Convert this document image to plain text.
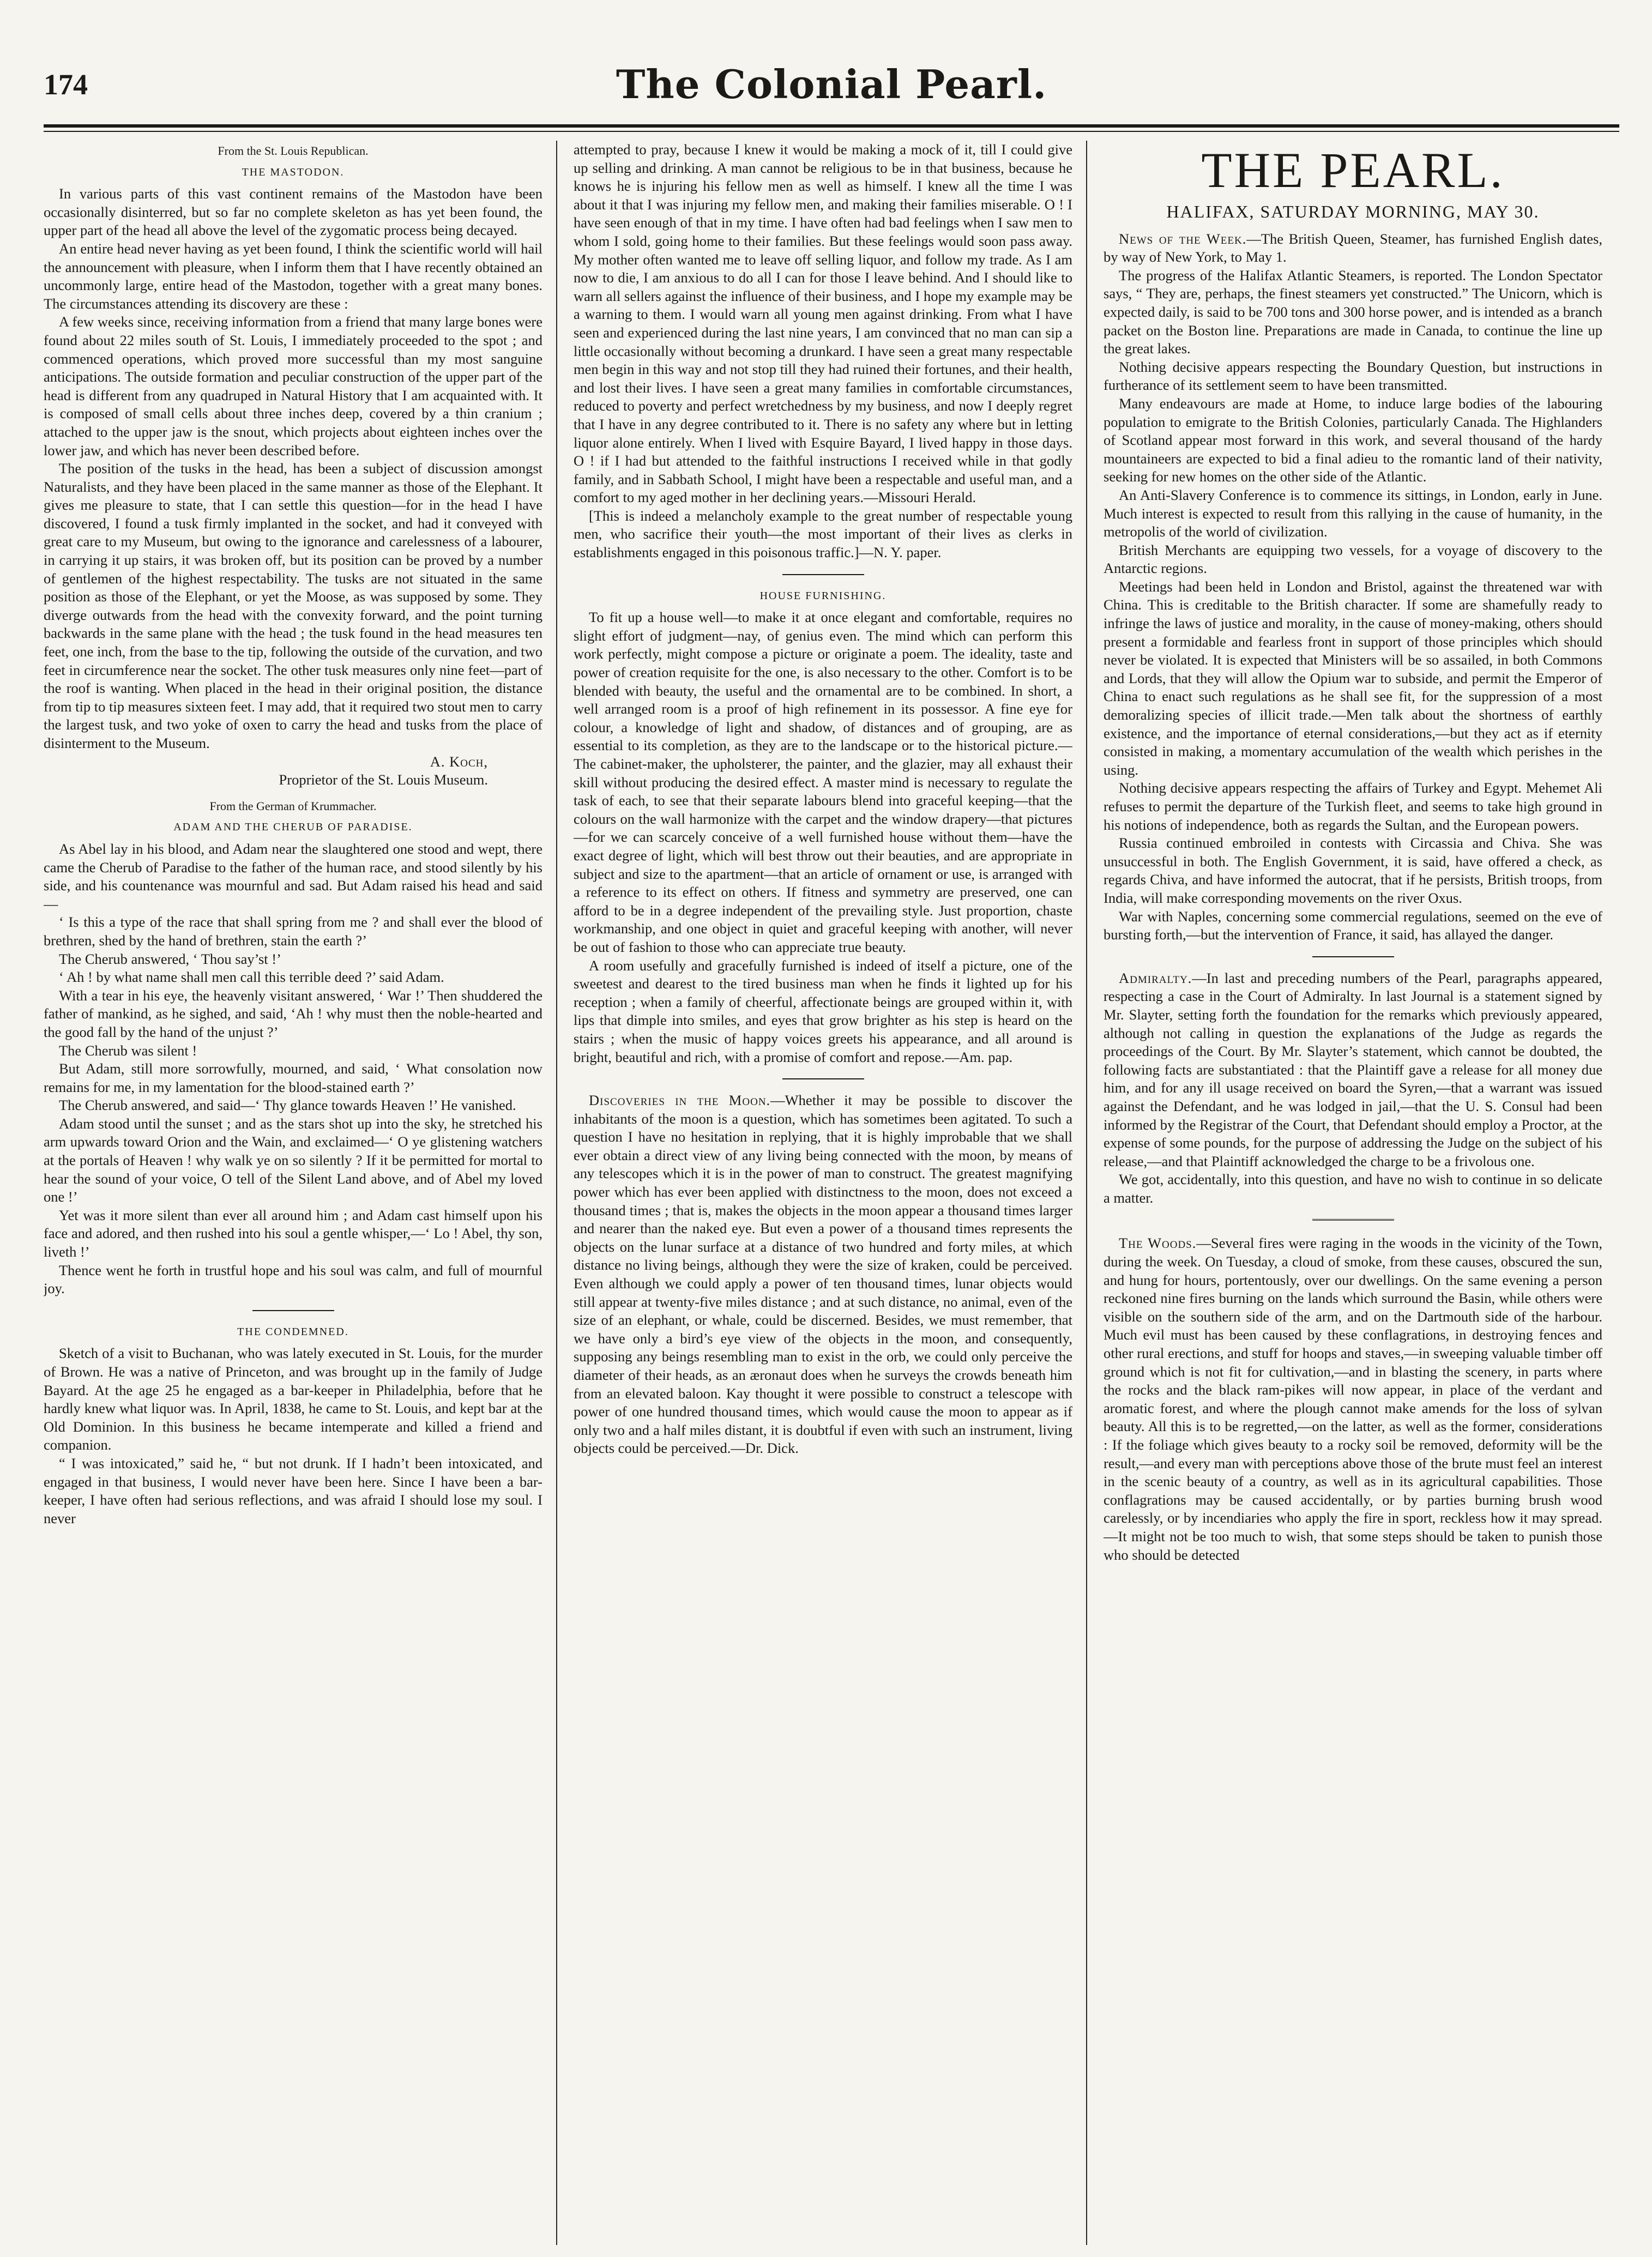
174	The Colonial Pearl.

From the St. Louis Republican.

THE MASTODON.

In various parts of this vast continent remains of the Mastodon have been occasionally disinterred, but so far no complete skeleton as has yet been found, the upper part of the head all above the level of the zygomatic process being decayed.

An entire head never having as yet been found, I think the scientific world will hail the announcement with pleasure, when I inform them that I have recently obtained an uncommonly large, entire head of the Mastodon, together with a great many bones. The circumstances attending its discovery are these :

A few weeks since, receiving information from a friend that many large bones were found about 22 miles south of St. Louis, I immediately proceeded to the spot ; and commenced operations, which proved more successful than my most sanguine anticipations. The outside formation and peculiar construction of the upper part of the head is different from any quadruped in Natural History that I am acquainted with. It is composed of small cells about three inches deep, covered by a thin cranium ; attached to the upper jaw is the snout, which projects about eighteen inches over the lower jaw, and which has never been described before.

The position of the tusks in the head, has been a subject of discussion amongst Naturalists, and they have been placed in the same manner as those of the Elephant. It gives me pleasure to state, that I can settle this question—for in the head I have discovered, I found a tusk firmly implanted in the socket, and had it conveyed with great care to my Museum, but owing to the ignorance and carelessness of a labourer, in carrying it up stairs, it was broken off, but its position can be proved by a number of gentlemen of the highest respectability. The tusks are not situated in the same position as those of the Elephant, or yet the Moose, as was supposed by some. They diverge outwards from the head with the convexity forward, and the point turning backwards in the same plane with the head ; the tusk found in the head measures ten feet, one inch, from the base to the tip, following the outside of the curvation, and two feet in circumference near the socket. The other tusk measures only nine feet—part of the roof is wanting. When placed in the head in their original position, the distance from tip to tip measures sixteen feet. I may add, that it required two stout men to carry the largest tusk, and two yoke of oxen to carry the head and tusks from the place of disinterment to the Museum.

A. Koch,

Proprietor of the St. Louis Museum.

From the German of Krummacher.

ADAM AND THE CHERUB OF PARADISE.

As Abel lay in his blood, and Adam near the slaughtered one stood and wept, there came the Cherub of Paradise to the father of the human race, and stood silently by his side, and his countenance was mournful and sad. But Adam raised his head and said—

‘ Is this a type of the race that shall spring from me ? and shall ever the blood of brethren, shed by the hand of brethren, stain the earth ?’

The Cherub answered, ‘ Thou say’st !’

‘ Ah ! by what name shall men call this terrible deed ?’ said Adam.

With a tear in his eye, the heavenly visitant answered, ‘ War !’ Then shuddered the father of mankind, as he sighed, and said, ‘Ah ! why must then the noble-hearted and the good fall by the hand of the unjust ?’

The Cherub was silent !

But Adam, still more sorrowfully, mourned, and said, ‘ What consolation now remains for me, in my lamentation for the blood-stained earth ?’

The Cherub answered, and said—‘ Thy glance towards Heaven !’ He vanished.

Adam stood until the sunset ; and as the stars shot up into the sky, he stretched his arm upwards toward Orion and the Wain, and exclaimed—‘ O ye glistening watchers at the portals of Heaven ! why walk ye on so silently ? If it be permitted for mortal to hear the sound of your voice, O tell of the Silent Land above, and of Abel my loved one !’

Yet was it more silent than ever all around him ; and Adam cast himself upon his face and adored, and then rushed into his soul a gentle whisper,—‘ Lo ! Abel, thy son, liveth !’

Thence went he forth in trustful hope and his soul was calm, and full of mournful joy.

THE CONDEMNED.

Sketch of a visit to Buchanan, who was lately executed in St. Louis, for the murder of Brown. He was a native of Princeton, and was brought up in the family of Judge Bayard. At the age 25 he engaged as a bar-keeper in Philadelphia, before that he hardly knew what liquor was. In April, 1838, he came to St. Louis, and kept bar at the Old Dominion. In this business he became intemperate and killed a friend and companion.

“ I was intoxicated,” said he, “ but not drunk. If I hadn’t been intoxicated, and engaged in that business, I would never have been here. Since I have been a bar-keeper, I have often had serious reflections, and was afraid I should lose my soul. I never

attempted to pray, because I knew it would be making a mock of it, till I could give up selling and drinking. A man cannot be religious to be in that business, because he knows he is injuring his fellow men as well as himself. I knew all the time I was about it that I was injuring my fellow men, and making their families miserable. O ! I have seen enough of that in my time. I have often had bad feelings when I saw men to whom I sold, going home to their families. But these feelings would soon pass away. My mother often wanted me to leave off selling liquor, and follow my trade. As I am now to die, I am anxious to do all I can for those I leave behind. And I should like to warn all sellers against the influence of their business, and I hope my example may be a warning to them. I would warn all young men against drinking. From what I have seen and experienced during the last nine years, I am convinced that no man can sip a little occasionally without becoming a drunkard. I have seen a great many respectable men begin in this way and not stop till they had ruined their fortunes, and their health, and lost their lives. I have seen a great many families in comfortable circumstances, reduced to poverty and perfect wretchedness by my business, and now I deeply regret that I have in any degree contributed to it. There is no safety any where but in letting liquor alone entirely. When I lived with Esquire Bayard, I lived happy in those days. O ! if I had but attended to the faithful instructions I received while in that godly family, and in Sabbath School, I might have been a respectable and useful man, and a comfort to my aged mother in her declining years.—Missouri Herald.

[This is indeed a melancholy example to the great number of respectable young men, who sacrifice their youth—the most important of their lives as clerks in establishments engaged in this poisonous traffic.]—N. Y. paper.

HOUSE FURNISHING.

To fit up a house well—to make it at once elegant and comfortable, requires no slight effort of judgment—nay, of genius even. The mind which can perform this work perfectly, might compose a picture or originate a poem. The ideality, taste and power of creation requisite for the one, is also necessary to the other. Comfort is to be blended with beauty, the useful and the ornamental are to be combined. In short, a well arranged room is a proof of high refinement in its possessor. A fine eye for colour, a knowledge of light and shadow, of distances and of grouping, are as essential to its completion, as they are to the landscape or to the historical picture.—The cabinet-maker, the upholsterer, the painter, and the glazier, may all exhaust their skill without producing the desired effect. A master mind is necessary to regulate the task of each, to see that their separate labours blend into graceful keeping—that the colours on the wall harmonize with the carpet and the window drapery—that pictures—for we can scarcely conceive of a well furnished house without them—have the exact degree of light, which will best throw out their beauties, and are appropriate in subject and size to the apartment—that an article of ornament or use, is arranged with a reference to its effect on others. If fitness and symmetry are preserved, one can afford to be in a degree independent of the prevailing style. Just proportion, chaste workmanship, and one object in quiet and graceful keeping with another, will never be out of fashion to those who can appreciate true beauty.

A room usefully and gracefully furnished is indeed of itself a picture, one of the sweetest and dearest to the tired business man when he finds it lighted up for his reception ; when a family of cheerful, affectionate beings are grouped within it, with lips that dimple into smiles, and eyes that grow brighter as his step is heard on the stairs ; when the music of happy voices greets his appearance, and all around is bright, beautiful and rich, with a promise of comfort and repose.—Am. pap.

Discoveries in the Moon.—Whether it may be possible to discover the inhabitants of the moon is a question, which has sometimes been agitated. To such a question I have no hesitation in replying, that it is highly improbable that we shall ever obtain a direct view of any living being connected with the moon, by means of any telescopes which it is in the power of man to construct. The greatest magnifying power which has ever been applied with distinctness to the moon, does not exceed a thousand times ; that is, makes the objects in the moon appear a thousand times larger and nearer than the naked eye. But even a power of a thousand times represents the objects on the lunar surface at a distance of two hundred and forty miles, at which distance no living beings, although they were the size of kraken, could be perceived. Even although we could apply a power of ten thousand times, lunar objects would still appear at twenty-five miles distance ; and at such distance, no animal, even of the size of an elephant, or whale, could be discerned. Besides, we must remember, that we have only a bird’s eye view of the objects in the moon, and consequently, supposing any beings resembling man to exist in the orb, we could only perceive the diameter of their heads, as an æronaut does when he surveys the crowds beneath him from an elevated baloon. Kay thought it were possible to construct a telescope with power of one hundred thousand times, which would cause the moon to appear as if only two and a half miles distant, it is doubtful if even with such an instrument, living objects could be perceived.—Dr. Dick.

THE PEARL.

HALIFAX, SATURDAY MORNING, MAY 30.

News of the Week.—The British Queen, Steamer, has furnished English dates, by way of New York, to May 1.

The progress of the Halifax Atlantic Steamers, is reported. The London Spectator says, “ They are, perhaps, the finest steamers yet constructed.” The Unicorn, which is expected daily, is said to be 700 tons and 300 horse power, and is intended as a branch packet on the Boston line. Preparations are made in Canada, to continue the line up the great lakes.

Nothing decisive appears respecting the Boundary Question, but instructions in furtherance of its settlement seem to have been transmitted.

Many endeavours are made at Home, to induce large bodies of the labouring population to emigrate to the British Colonies, particularly Canada. The Highlanders of Scotland appear most forward in this work, and several thousand of the hardy mountaineers are expected to bid a final adieu to the romantic land of their nativity, seeking for new homes on the other side of the Atlantic.

An Anti-Slavery Conference is to commence its sittings, in London, early in June. Much interest is expected to result from this rallying in the cause of humanity, in the metropolis of the world of civilization.

British Merchants are equipping two vessels, for a voyage of discovery to the Antarctic regions.

Meetings had been held in London and Bristol, against the threatened war with China. This is creditable to the British character. If some are shamefully ready to infringe the laws of justice and morality, in the cause of money-making, others should present a formidable and fearless front in support of those principles which should never be violated. It is expected that Ministers will be so assailed, in both Commons and Lords, that they will allow the Opium war to subside, and permit the Emperor of China to enact such regulations as he shall see fit, for the suppression of a most demoralizing species of illicit trade.—Men talk about the shortness of earthly existence, and the importance of eternal considerations,—but they act as if eternity consisted in making, a momentary accumulation of the wealth which perishes in the using.

Nothing decisive appears respecting the affairs of Turkey and Egypt. Mehemet Ali refuses to permit the departure of the Turkish fleet, and seems to take high ground in his notions of independence, both as regards the Sultan, and the European powers.

Russia continued embroiled in contests with Circassia and Chiva. She was unsuccessful in both. The English Government, it is said, have offered a check, as regards Chiva, and have informed the autocrat, that if he persists, British troops, from India, will make corresponding movements on the river Oxus.

War with Naples, concerning some commercial regulations, seemed on the eve of bursting forth,—but the intervention of France, it said, has allayed the danger.

Admiralty.—In last and preceding numbers of the Pearl, paragraphs appeared, respecting a case in the Court of Admiralty. In last Journal is a statement signed by Mr. Slayter, setting forth the foundation for the remarks which previously appeared, although not calling in question the explanations of the Judge as regards the proceedings of the Court. By Mr. Slayter’s statement, which cannot be doubted, the following facts are substantiated : that the Plaintiff gave a release for all money due him, and for any ill usage received on board the Syren,—that a warrant was issued against the Defendant, and he was lodged in jail,—that the U. S. Consul had been informed by the Registrar of the Court, that Defendant should employ a Proctor, at the expense of some pounds, for the purpose of addressing the Judge on the subject of his release,—and that Plaintiff acknowledged the charge to be a frivolous one.

We got, accidentally, into this question, and have no wish to continue in so delicate a matter.

The Woods.—Several fires were raging in the woods in the vicinity of the Town, during the week. On Tuesday, a cloud of smoke, from these causes, obscured the sun, and hung for hours, portentously, over our dwellings. On the same evening a person reckoned nine fires burning on the lands which surround the Basin, while others were visible on the southern side of the arm, and on the Dartmouth side of the harbour. Much evil must has been caused by these conflagrations, in destroying fences and other rural erections, and stuff for hoops and staves,—in sweeping valuable timber off ground which is not fit for cultivation,—and in blasting the scenery, in parts where the rocks and the black ram-pikes will now appear, in place of the verdant and aromatic forest, and where the plough cannot make amends for the loss of sylvan beauty. All this is to be regretted,—on the latter, as well as the former, considerations : If the foliage which gives beauty to a rocky soil be removed, deformity will be the result,—and every man with perceptions above those of the brute must feel an interest in the scenic beauty of a country, as well as in its agricultural capabilities. Those conflagrations may be caused accidentally, or by parties burning brush wood carelessly, or by incendiaries who apply the fire in sport, reckless how it may spread.—It might not be too much to wish, that some steps should be taken to punish those who should be detected
